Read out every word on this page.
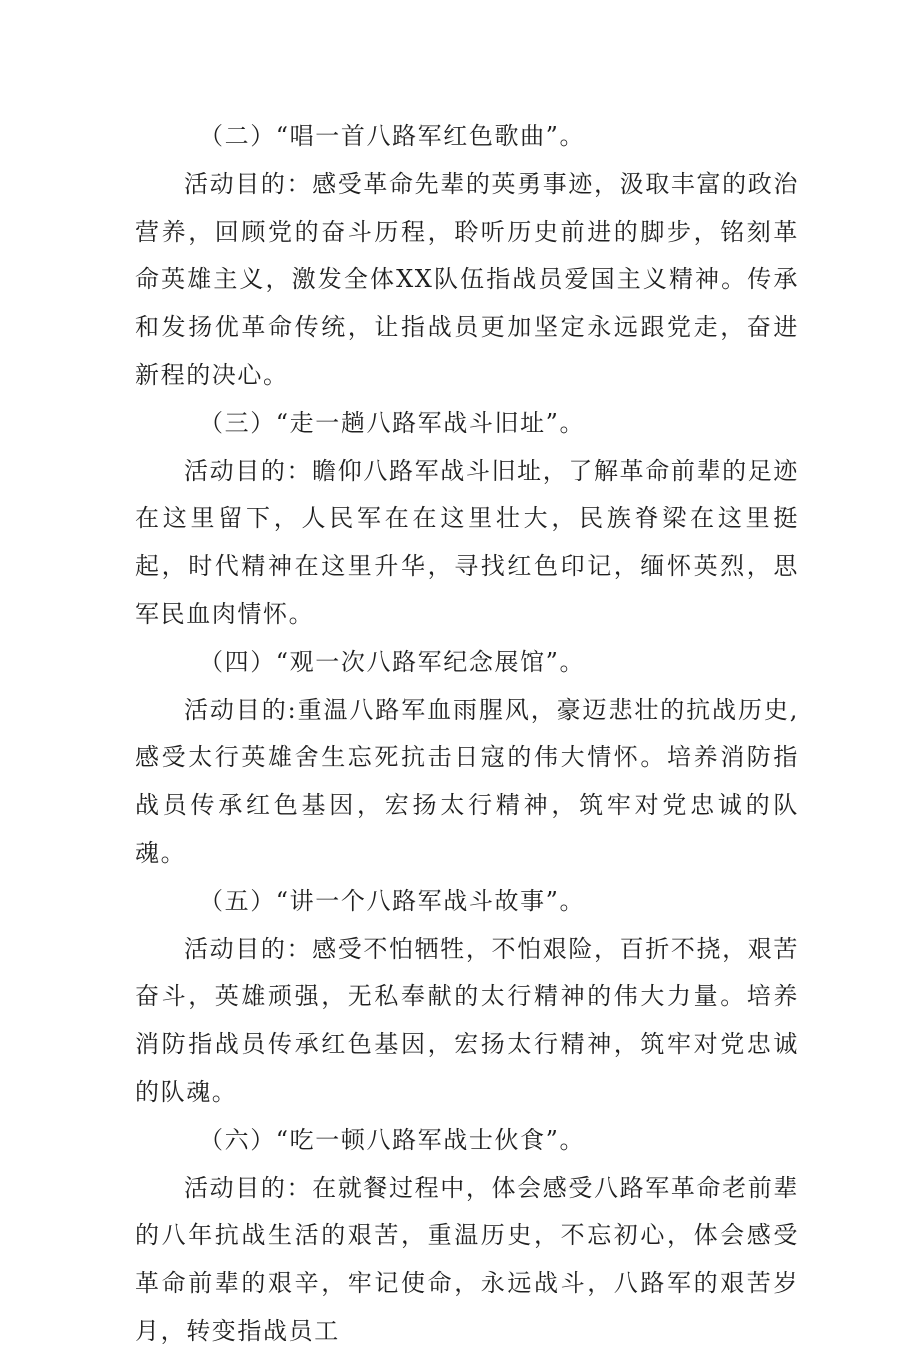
（二）“唱一首八路军红色歌曲”。

活动目的：感受革命先辈的英勇事迹，汲取丰富的政治营养，回顾党的奋斗历程，聆听历史前进的脚步，铭刻革命英雄主义，激发全体XX队伍指战员爱国主义精神。传承和发扬优革命传统，让指战员更加坚定永远跟党走，奋进新程的决心。

（三）“走一趟八路军战斗旧址”。

活动目的：瞻仰八路军战斗旧址，了解革命前辈的足迹在这里留下，人民军在在这里壮大，民族脊梁在这里挺起，时代精神在这里升华，寻找红色印记，缅怀英烈，思军民血肉情怀。

（四）“观一次八路军纪念展馆”。

活动目的:重温八路军血雨腥风，豪迈悲壮的抗战历史,感受太行英雄舍生忘死抗击日寇的伟大情怀。培养消防指战员传承红色基因，宏扬太行精神，筑牢对党忠诚的队魂。

（五）“讲一个八路军战斗故事”。

活动目的：感受不怕牺牲，不怕艰险，百折不挠，艰苦奋斗，英雄顽强，无私奉献的太行精神的伟大力量。培养消防指战员传承红色基因，宏扬太行精神，筑牢对党忠诚的队魂。

（六）“吃一顿八路军战士伙食”。

活动目的：在就餐过程中，体会感受八路军革命老前辈的八年抗战生活的艰苦，重温历史，不忘初心，体会感受革命前辈的艰辛，牢记使命，永远战斗，八路军的艰苦岁月，转变指战员工
